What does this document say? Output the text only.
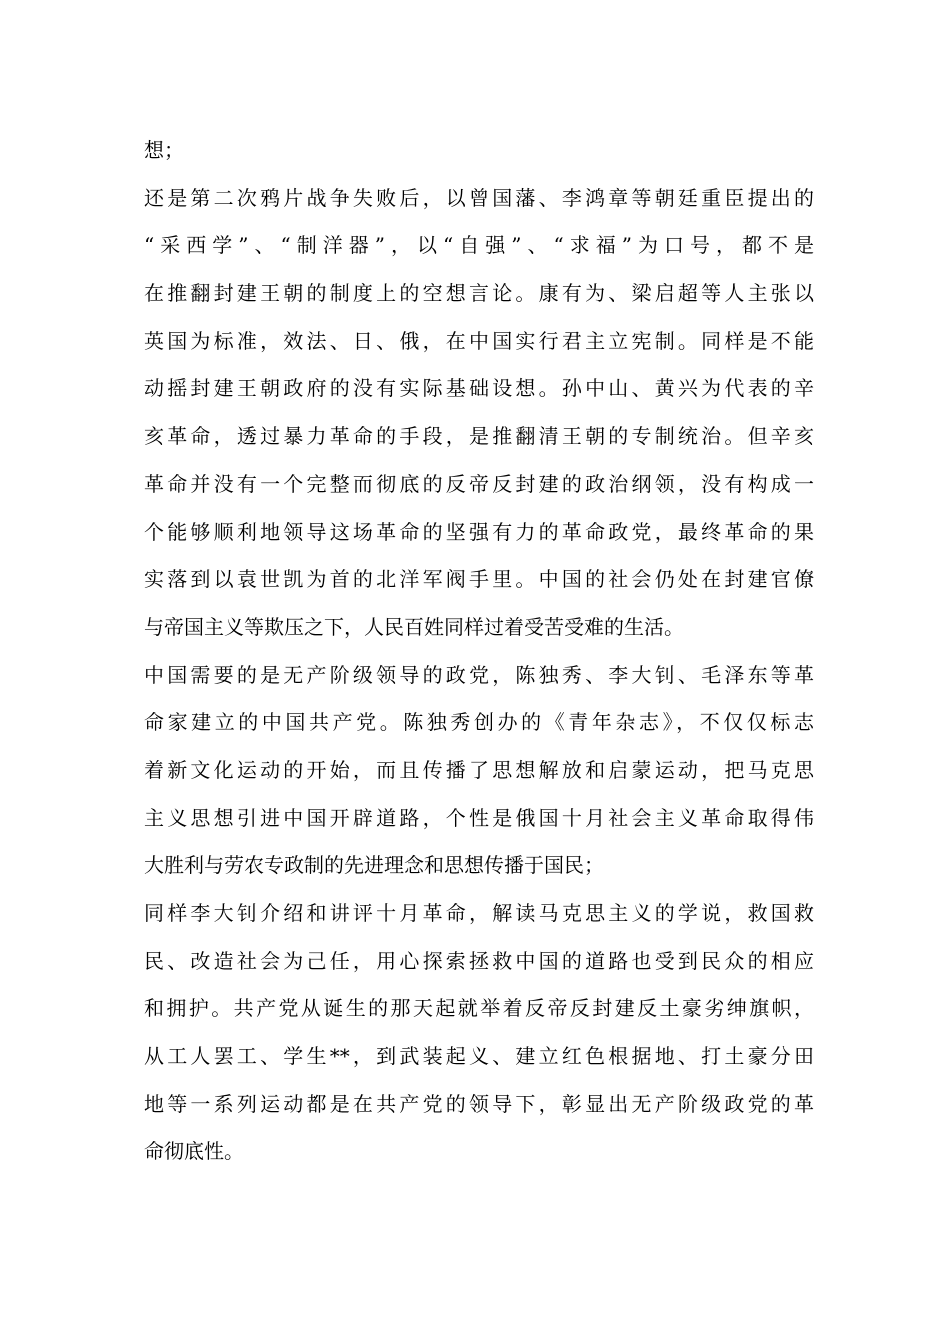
想；
还是第二次鸦片战争失败后，以曾国藩、李鸿章等朝廷重臣提出的
“采西学”、“制洋器”，以“自强”、“求福”为口号，都不是
在推翻封建王朝的制度上的空想言论。康有为、梁启超等人主张以
英国为标准，效法、日、俄，在中国实行君主立宪制。同样是不能
动摇封建王朝政府的没有实际基础设想。孙中山、黄兴为代表的辛
亥革命，透过暴力革命的手段，是推翻清王朝的专制统治。但辛亥
革命并没有一个完整而彻底的反帝反封建的政治纲领，没有构成一
个能够顺利地领导这场革命的坚强有力的革命政党，最终革命的果
实落到以袁世凯为首的北洋军阀手里。中国的社会仍处在封建官僚
与帝国主义等欺压之下，人民百姓同样过着受苦受难的生活。
中国需要的是无产阶级领导的政党，陈独秀、李大钊、毛泽东等革
命家建立的中国共产党。陈独秀创办的《青年杂志》，不仅仅标志
着新文化运动的开始，而且传播了思想解放和启蒙运动，把马克思
主义思想引进中国开辟道路，个性是俄国十月社会主义革命取得伟
大胜利与劳农专政制的先进理念和思想传播于国民；
同样李大钊介绍和讲评十月革命，解读马克思主义的学说，救国救
民、改造社会为己任，用心探索拯救中国的道路也受到民众的相应
和拥护。共产党从诞生的那天起就举着反帝反封建反土豪劣绅旗帜，
从工人罢工、学生**，到武装起义、建立红色根据地、打土豪分田
地等一系列运动都是在共产党的领导下，彰显出无产阶级政党的革
命彻底性。
